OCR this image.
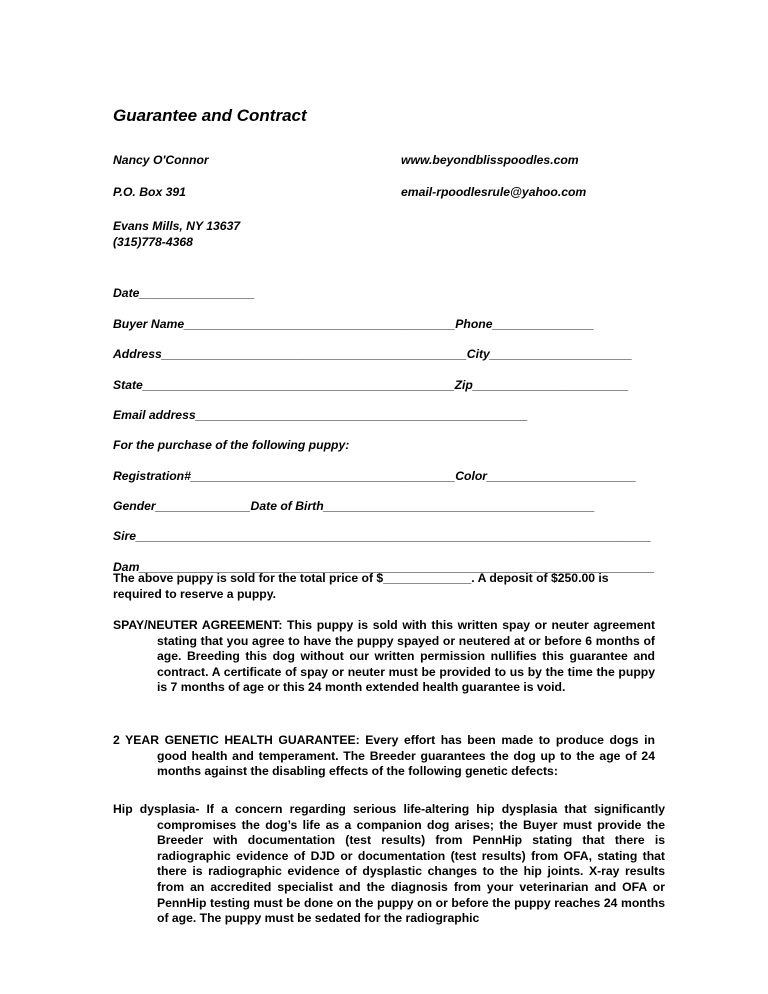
Guarantee and Contract
Nancy O'Connor	www.beyondblisspoodles.com
P.O. Box 391	email-rpoodlesrule@yahoo.com
Evans Mills, NY 13637
(315)778-4368
Date_________________
Buyer Name________________________________________Phone_______________
Address_____________________________________________City_____________________
State______________________________________________Zip_______________________
Email address_________________________________________________
For the purchase of the following puppy:
Registration#_______________________________________Color______________________
Gender______________Date of Birth________________________________________
Sire____________________________________________________________________________
Dam____________________________________________________________________________
The above puppy is sold for the total price of $_____________. A deposit of $250.00 is required to reserve a puppy.
SPAY/NEUTER AGREEMENT: This puppy is sold with this written spay or neuter agreement stating that you agree to have the puppy spayed or neutered at or before 6 months of age. Breeding this dog without our written permission nullifies this guarantee and contract. A certificate of spay or neuter must be provided to us by the time the puppy is 7 months of age or this 24 month extended health guarantee is void.
2 YEAR GENETIC HEALTH GUARANTEE: Every effort has been made to produce dogs in good health and temperament. The Breeder guarantees the dog up to the age of 24 months against the disabling effects of the following genetic defects:
Hip dysplasia- If a concern regarding serious life-altering hip dysplasia that significantly compromises the dog’s life as a companion dog arises; the Buyer must provide the Breeder with documentation (test results) from PennHip stating that there is radiographic evidence of DJD or documentation (test results) from OFA, stating that there is radiographic evidence of dysplastic changes to the hip joints. X-ray results from an accredited specialist and the diagnosis from your veterinarian and OFA or PennHip testing must be done on the puppy on or before the puppy reaches 24 months of age. The puppy must be sedated for the radiographic
